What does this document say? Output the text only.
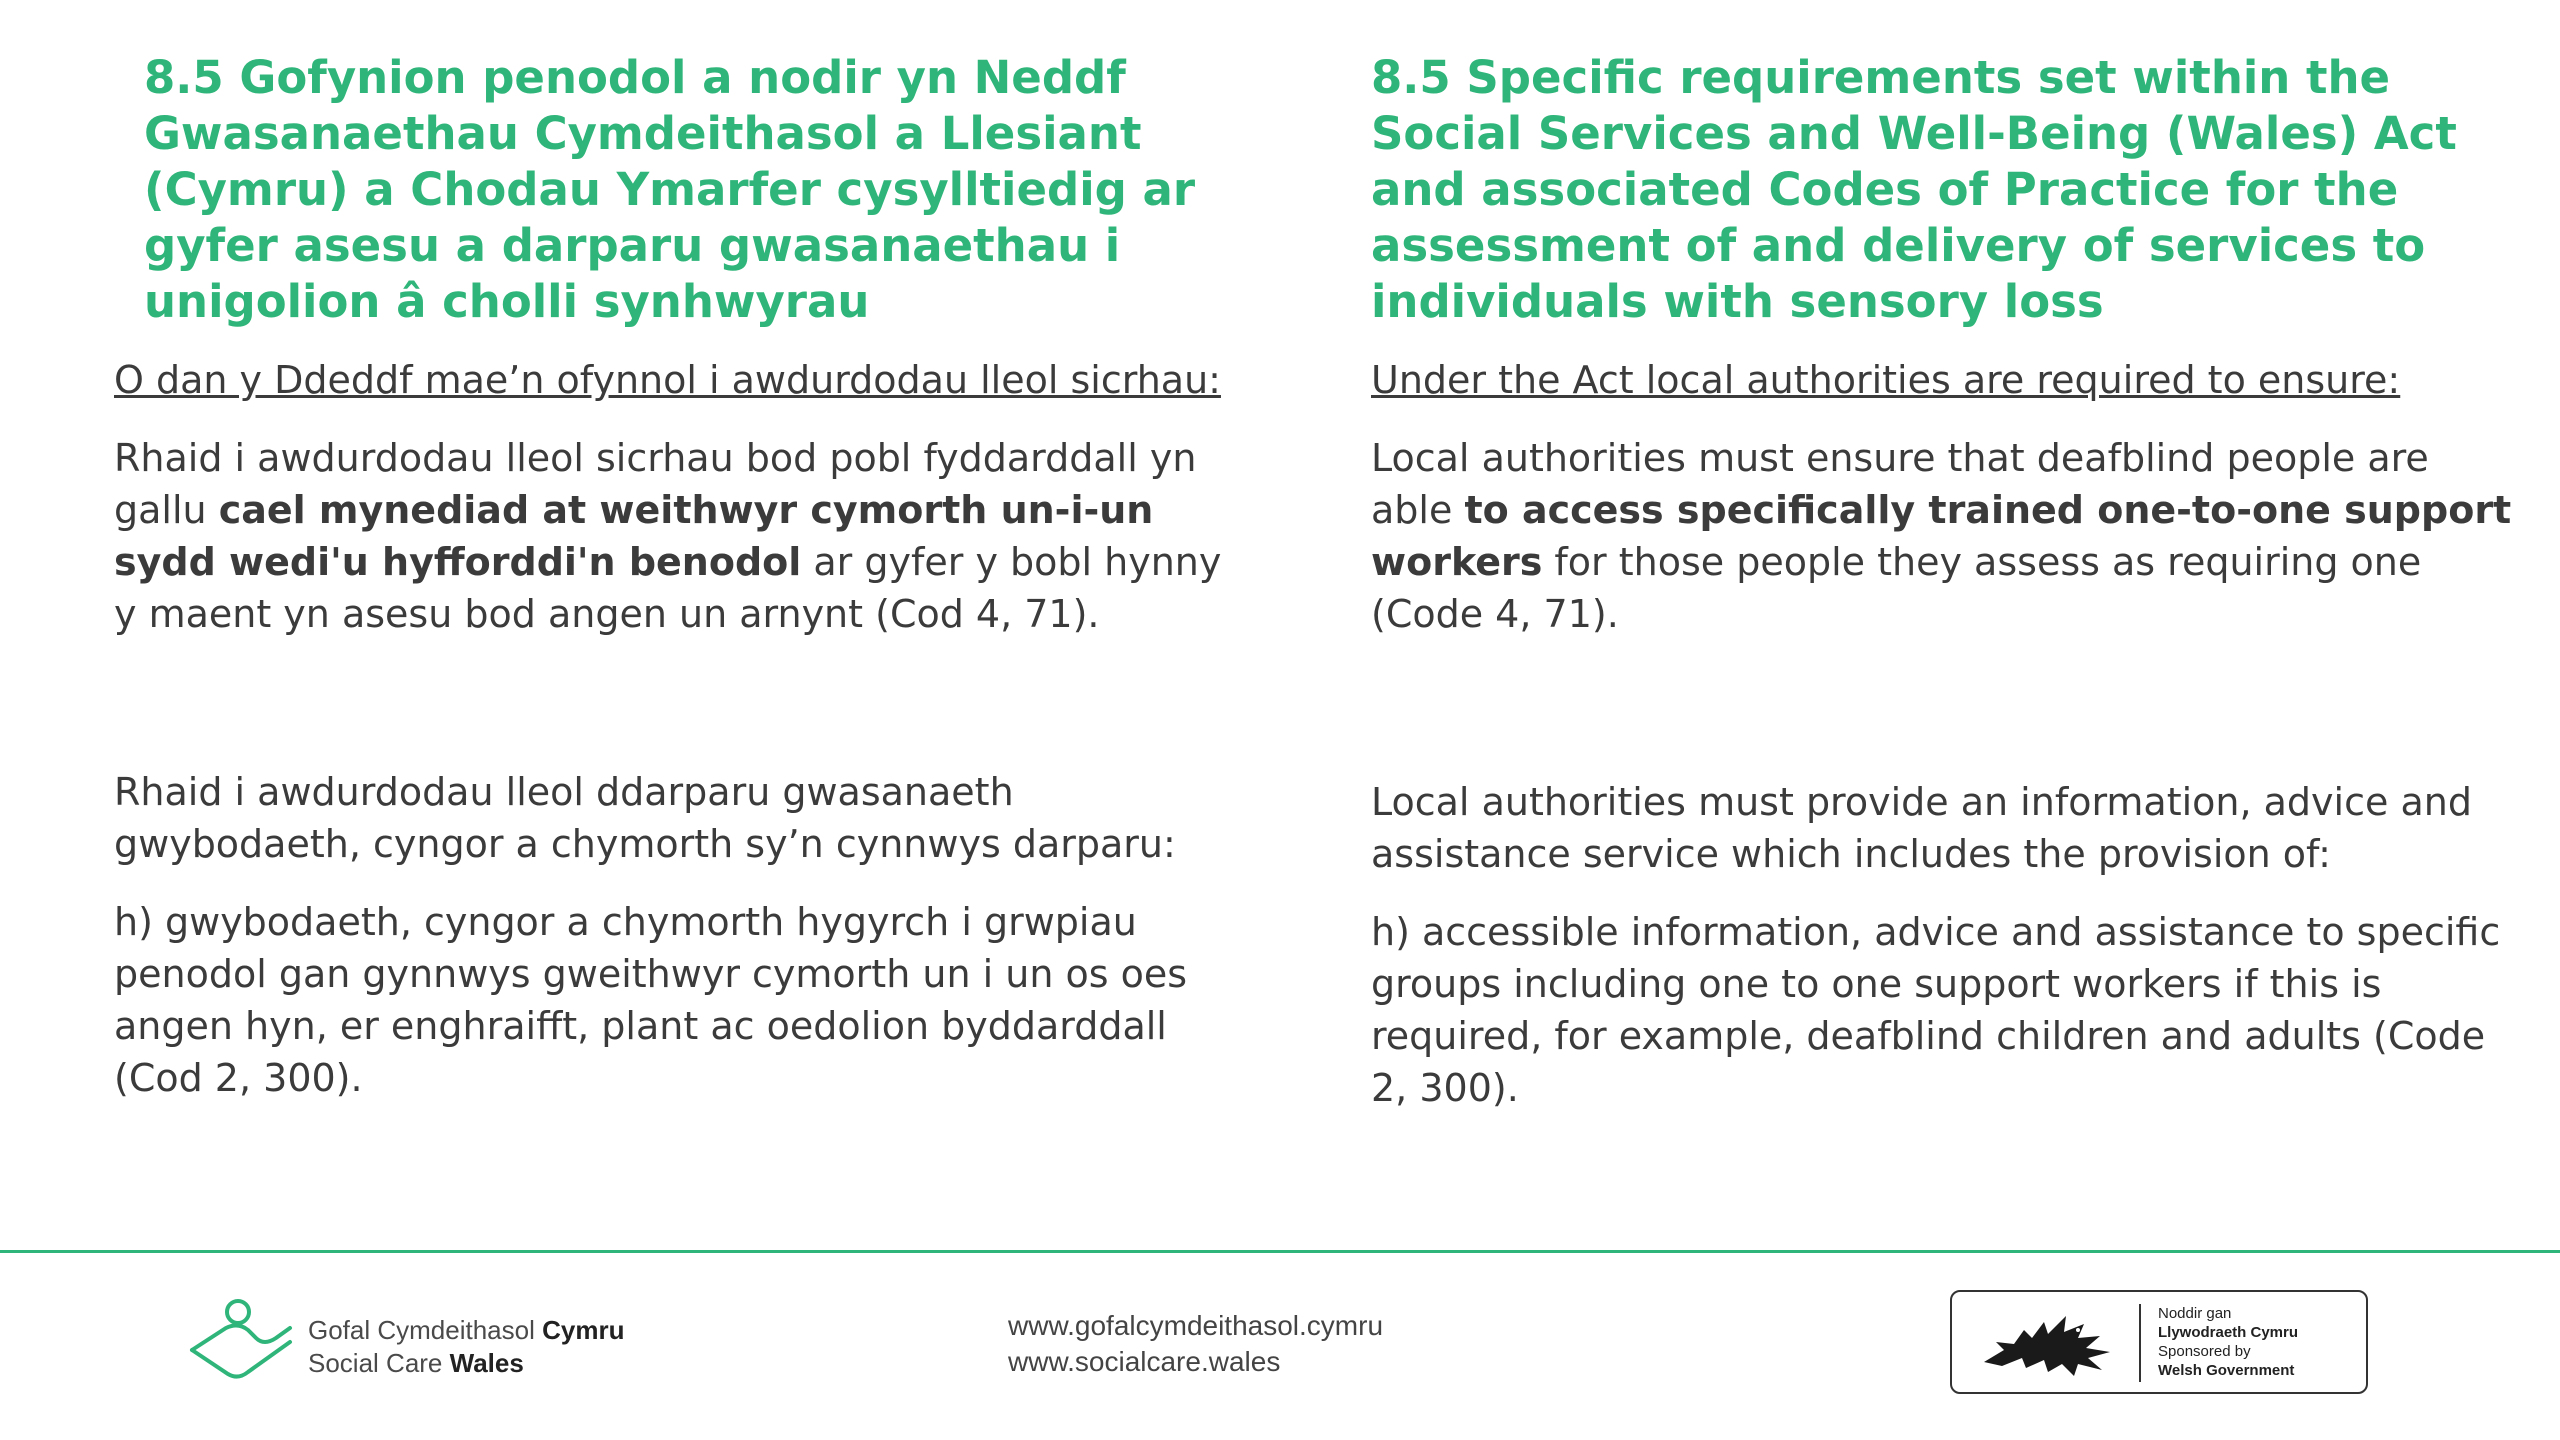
8.5 Gofynion penodol a nodir yn Neddf Gwasanaethau Cymdeithasol a Llesiant (Cymru) a Chodau Ymarfer cysylltiedig ar gyfer asesu a darparu gwasanaethau i unigolion â cholli synhwyrau

O dan y Ddeddf mae’n ofynnol i awdurdodau lleol sicrhau:

Rhaid i awdurdodau lleol sicrhau bod pobl fyddarddall yn gallu cael mynediad at weithwyr cymorth un-i-un sydd wedi'u hyfforddi'n benodol ar gyfer y bobl hynny y maent yn asesu bod angen un arnynt (Cod 4, 71).

Rhaid i awdurdodau lleol ddarparu gwasanaeth gwybodaeth, cyngor a chymorth sy’n cynnwys darparu:

h) gwybodaeth, cyngor a chymorth hygyrch i grwpiau penodol gan gynnwys gweithwyr cymorth un i un os oes angen hyn, er enghraifft, plant ac oedolion byddarddall (Cod 2, 300).

8.5 Specific requirements set within the Social Services and Well-Being (Wales) Act and associated Codes of Practice for the assessment of and delivery of services to individuals with sensory loss

Under the Act local authorities are required to ensure:

Local authorities must ensure that deafblind people are able to access specifically trained one-to-one support workers for those people they assess as requiring one (Code 4, 71).

Local authorities must provide an information, advice and assistance service which includes the provision of:

h) accessible information, advice and assistance to specific groups including one to one support workers if this is required, for example, deafblind children and adults (Code 2, 300).

Gofal Cymdeithasol Cymru
Social Care Wales
www.gofalcymdeithasol.cymru
www.socialcare.wales
Noddir gan
Llywodraeth Cymru
Sponsored by
Welsh Government
